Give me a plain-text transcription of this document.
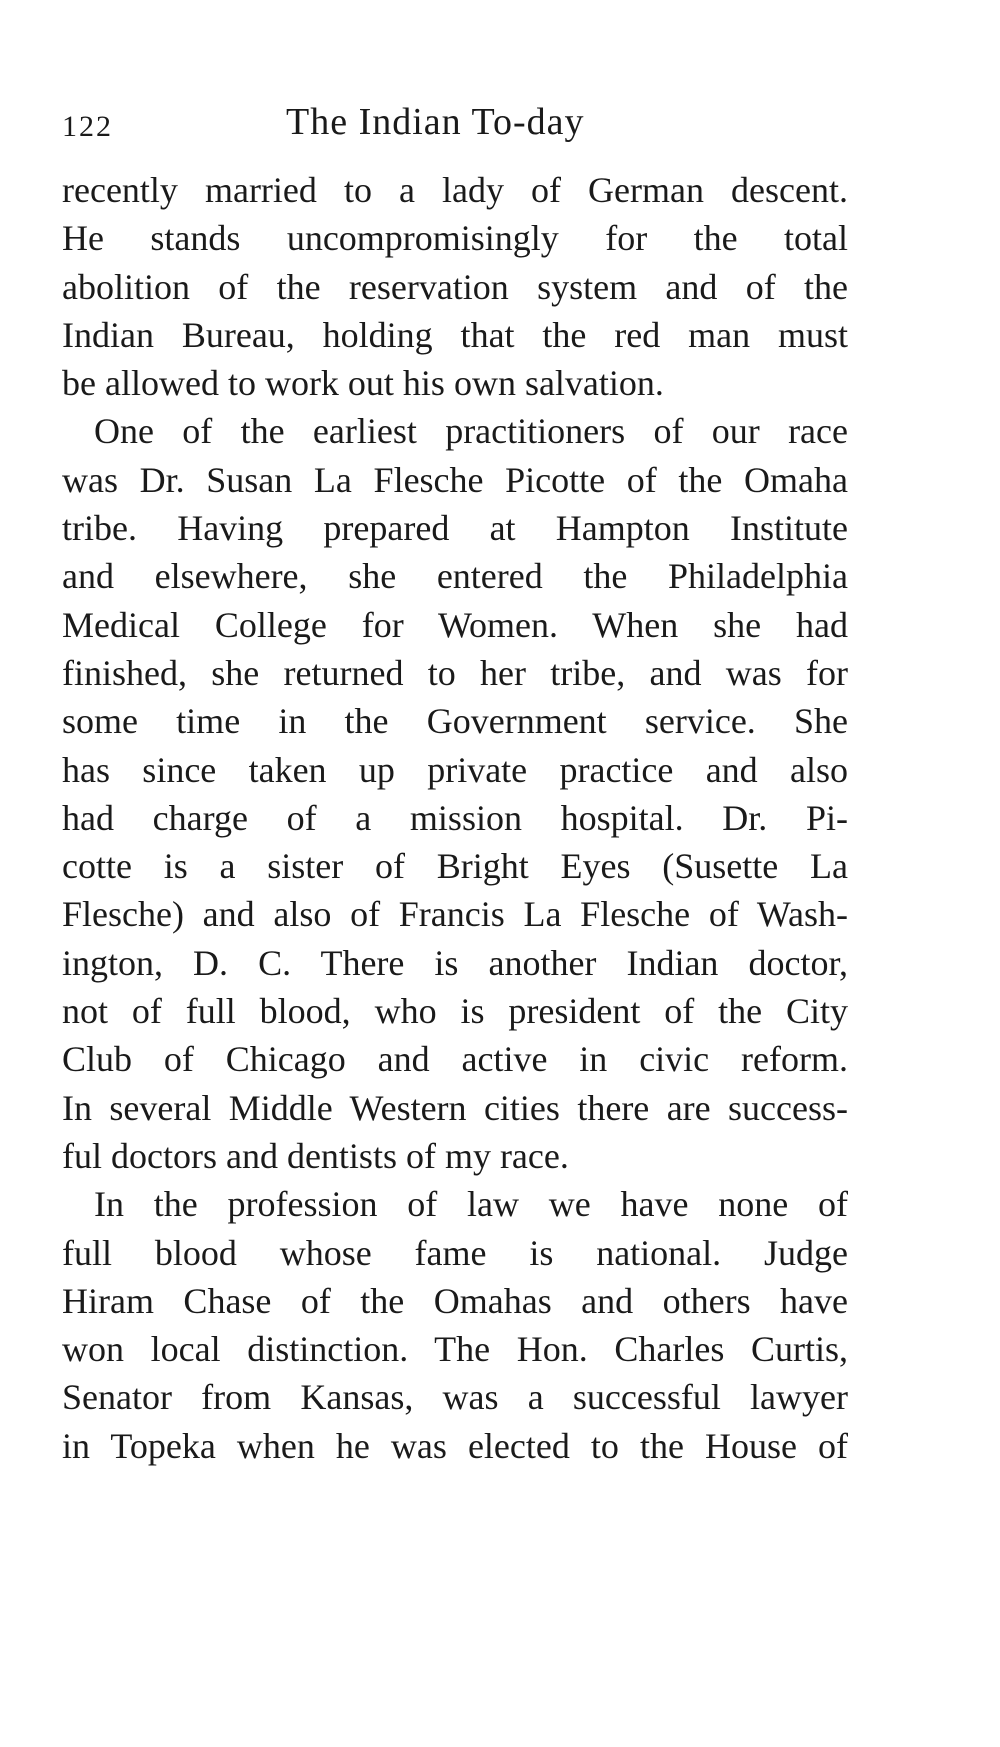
122	The Indian To-day
recently married to a lady of German descent.
He stands uncompromisingly for the total
abolition of the reservation system and of the
Indian Bureau, holding that the red man must
be allowed to work out his own salvation.
One of the earliest practitioners of our race
was Dr. Susan La Flesche Picotte of the Omaha
tribe. Having prepared at Hampton Institute
and elsewhere, she entered the Philadelphia
Medical College for Women. When she had
finished, she returned to her tribe, and was for
some time in the Government service. She
has since taken up private practice and also
had charge of a mission hospital. Dr. Pi-
cotte is a sister of Bright Eyes (Susette La
Flesche) and also of Francis La Flesche of Wash-
ington, D. C. There is another Indian doctor,
not of full blood, who is president of the City
Club of Chicago and active in civic reform.
In several Middle Western cities there are success-
ful doctors and dentists of my race.
In the profession of law we have none of
full blood whose fame is national. Judge
Hiram Chase of the Omahas and others have
won local distinction. The Hon. Charles Curtis,
Senator from Kansas, was a successful lawyer
in Topeka when he was elected to the House of
